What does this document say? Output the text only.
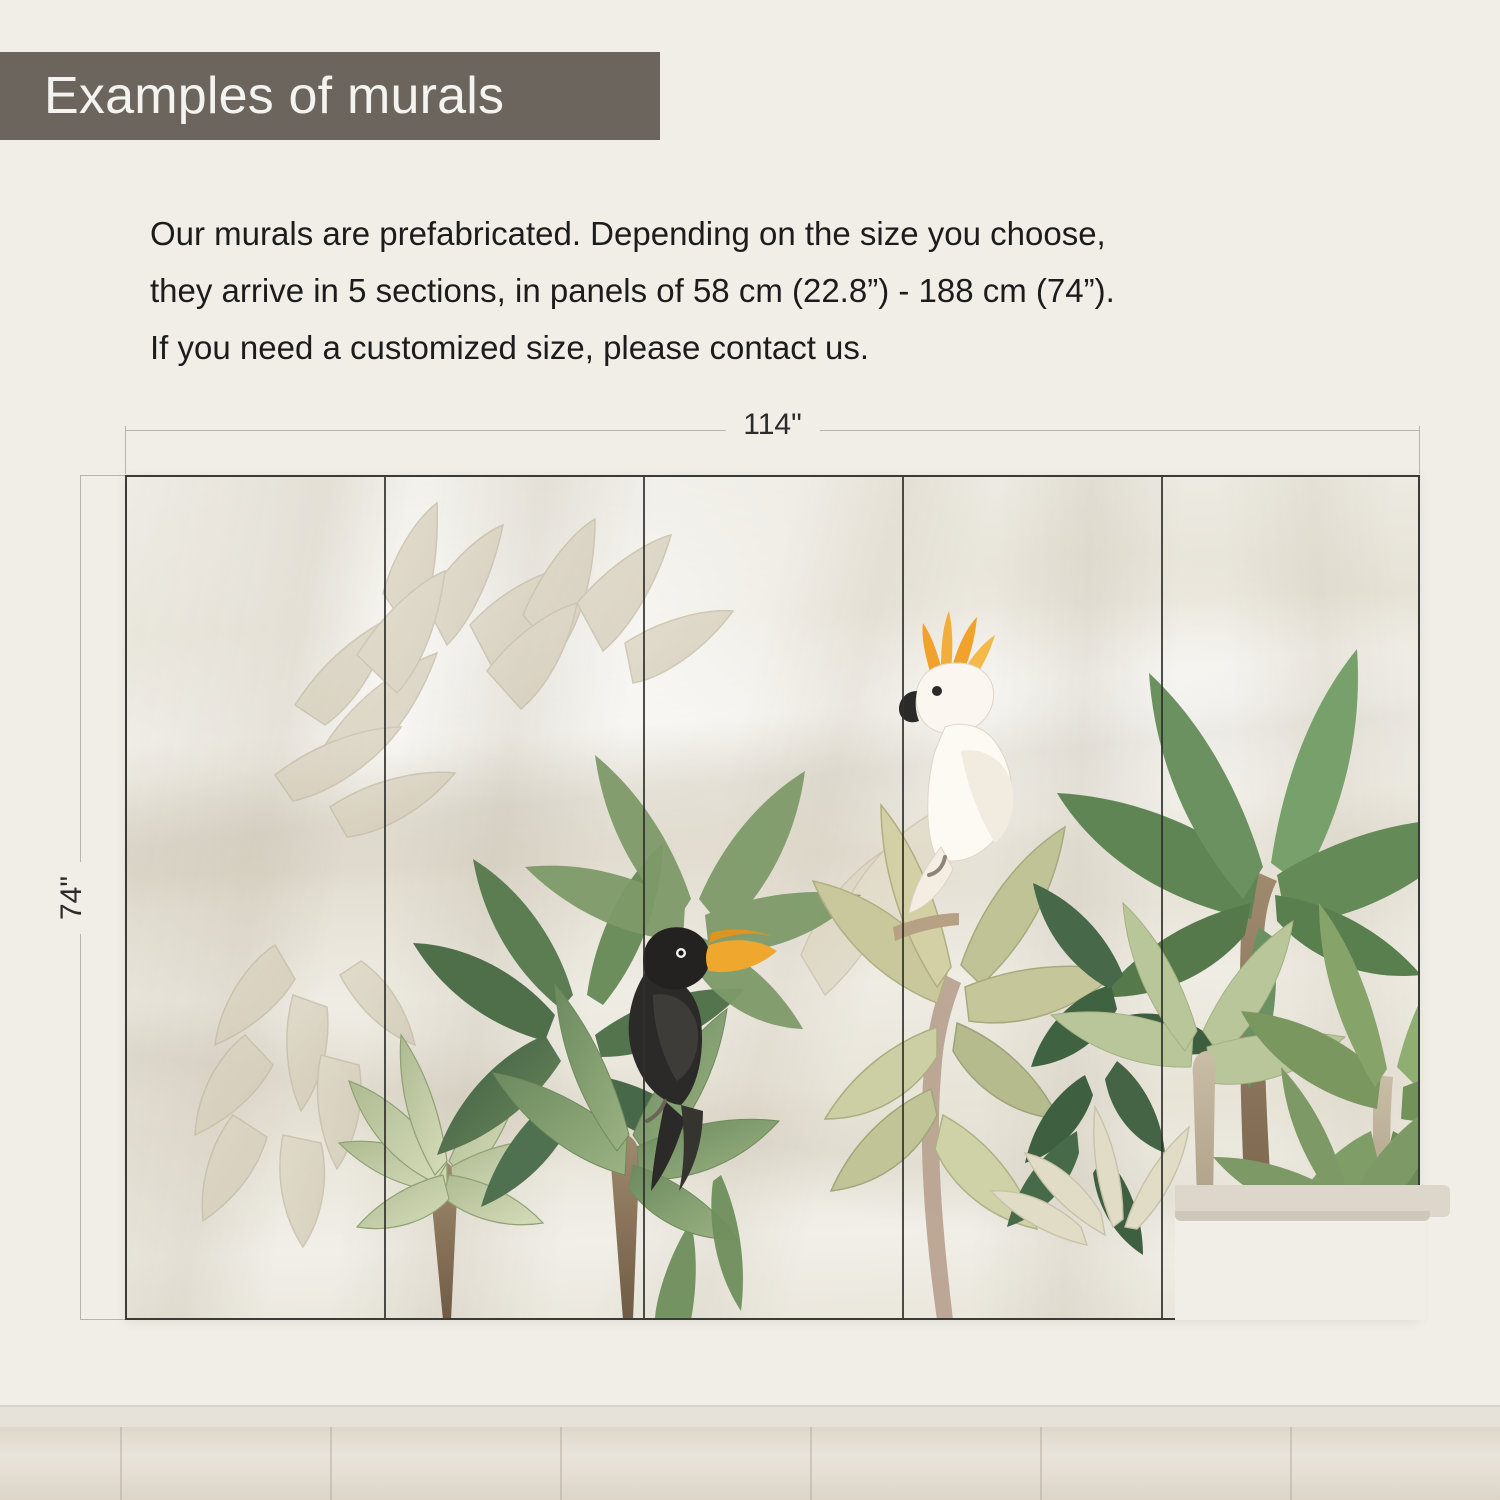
Examples of murals
Our murals are prefabricated. Depending on the size you choose,
they arrive in 5 sections, in panels of 58 cm (22.8”) - 188 cm (74”).
If you need a customized size, please contact us.
114"
74"
